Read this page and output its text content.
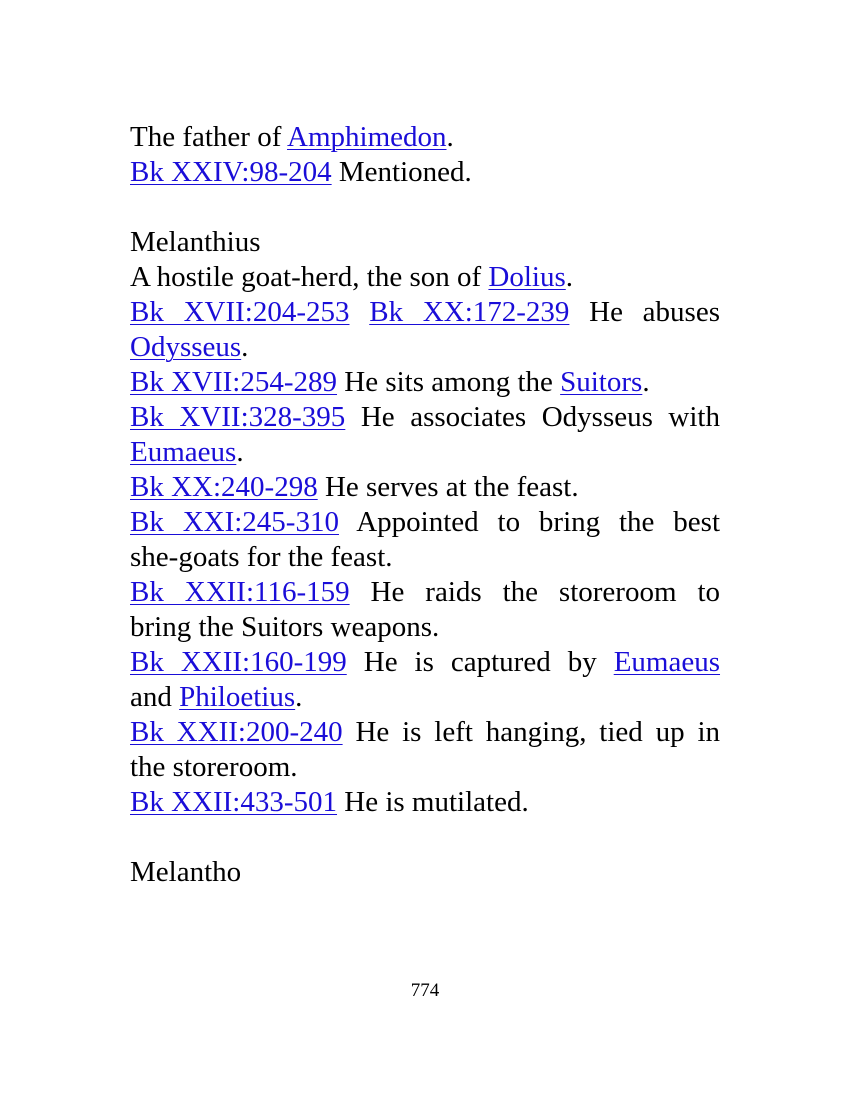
The father of Amphimedon.
Bk XXIV:98-204 Mentioned.
Melanthius
A hostile goat-herd, the son of Dolius.
Bk XVII:204-253 Bk XX:172-239 He abuses
Odysseus.
Bk XVII:254-289 He sits among the Suitors.
Bk XVII:328-395 He associates Odysseus with
Eumaeus.
Bk XX:240-298 He serves at the feast.
Bk XXI:245-310 Appointed to bring the best
she-goats for the feast.
Bk XXII:116-159 He raids the storeroom to
bring the Suitors weapons.
Bk XXII:160-199 He is captured by Eumaeus
and Philoetius.
Bk XXII:200-240 He is left hanging, tied up in
the storeroom.
Bk XXII:433-501 He is mutilated.
Melantho
774
